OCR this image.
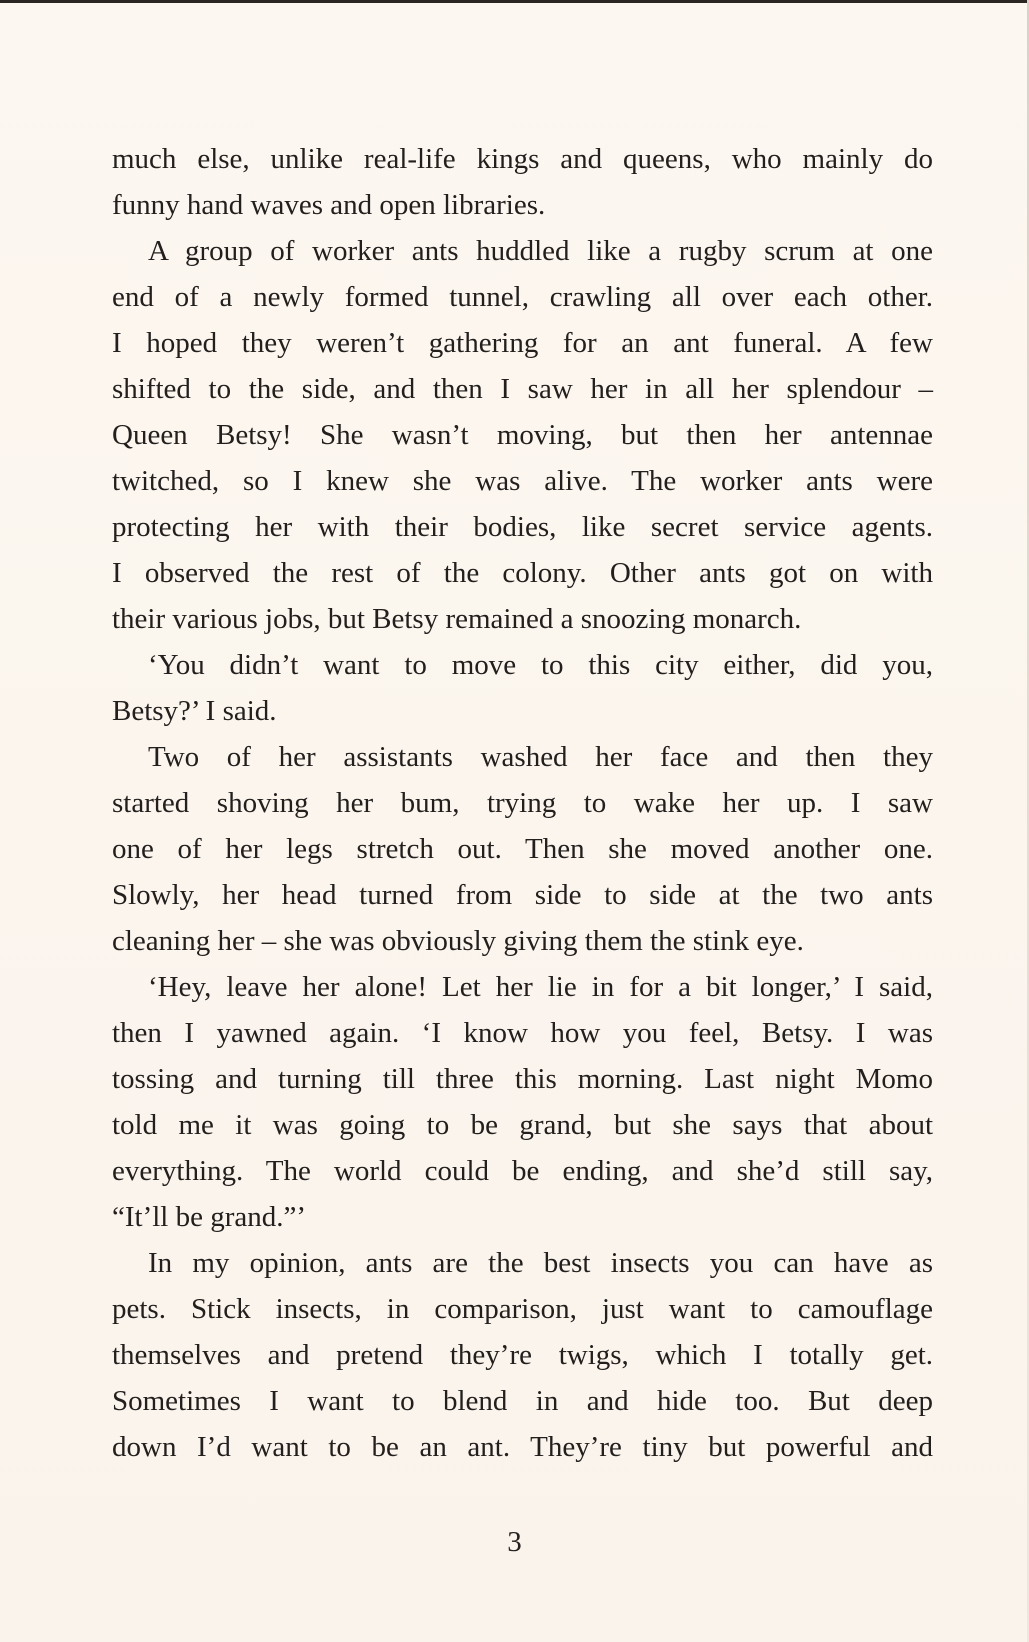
much else, unlike real-life kings and queens, who mainly do
funny hand waves and open libraries.
A group of worker ants huddled like a rugby scrum at one
end of a newly formed tunnel, crawling all over each other.
I hoped they weren’t gathering for an ant funeral. A few
shifted to the side, and then I saw her in all her splendour –
Queen Betsy! She wasn’t moving, but then her antennae
twitched, so I knew she was alive. The worker ants were
protecting her with their bodies, like secret service agents.
I observed the rest of the colony. Other ants got on with
their various jobs, but Betsy remained a snoozing monarch.
‘You didn’t want to move to this city either, did you,
Betsy?’ I said.
Two of her assistants washed her face and then they
started shoving her bum, trying to wake her up. I saw
one of her legs stretch out. Then she moved another one.
Slowly, her head turned from side to side at the two ants
cleaning her – she was obviously giving them the stink eye.
‘Hey, leave her alone! Let her lie in for a bit longer,’ I said,
then I yawned again. ‘I know how you feel, Betsy. I was
tossing and turning till three this morning. Last night Momo
told me it was going to be grand, but she says that about
everything. The world could be ending, and she’d still say,
“It’ll be grand.”’
In my opinion, ants are the best insects you can have as
pets. Stick insects, in comparison, just want to camouflage
themselves and pretend they’re twigs, which I totally get.
Sometimes I want to blend in and hide too. But deep
down I’d want to be an ant. They’re tiny but powerful and
3
